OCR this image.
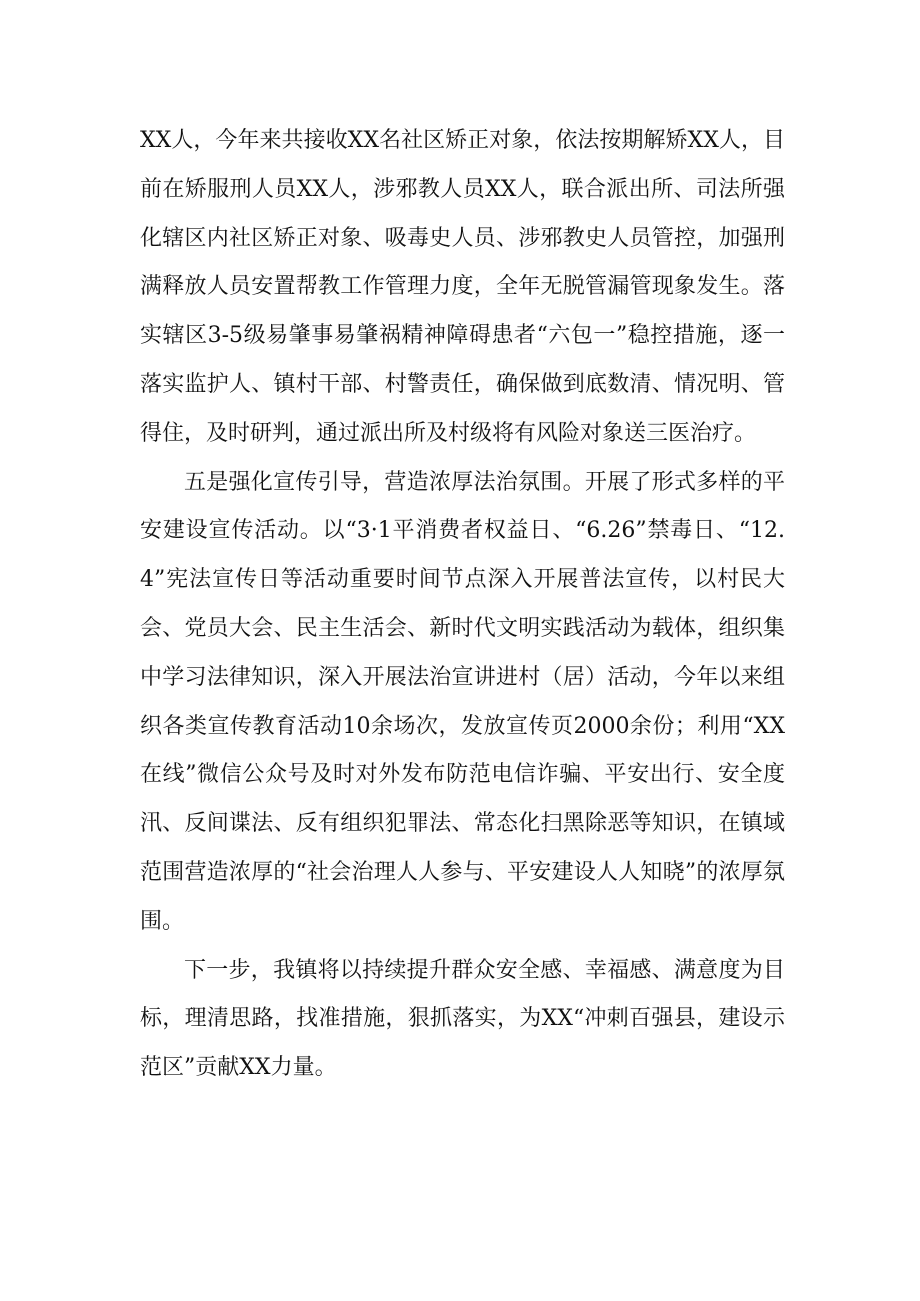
XX人，今年来共接收XX名社区矫正对象，依法按期解矫XX人，目前在矫服刑人员XX人，涉邪教人员XX人，联合派出所、司法所强化辖区内社区矫正对象、吸毒史人员、涉邪教史人员管控，加强刑满释放人员安置帮教工作管理力度，全年无脱管漏管现象发生。落实辖区3-5级易肇事易肇祸精神障碍患者“六包一”稳控措施，逐一落实监护人、镇村干部、村警责任，确保做到底数清、情况明、管得住，及时研判，通过派出所及村级将有风险对象送三医治疗。

五是强化宣传引导，营造浓厚法治氛围。开展了形式多样的平安建设宣传活动。以“3·1平消费者权益日、“6.26”禁毒日、“12.4”宪法宣传日等活动重要时间节点深入开展普法宣传，以村民大会、党员大会、民主生活会、新时代文明实践活动为载体，组织集中学习法律知识，深入开展法治宣讲进村（居）活动，今年以来组织各类宣传教育活动10余场次，发放宣传页2000余份；利用“XX在线”微信公众号及时对外发布防范电信诈骗、平安出行、安全度汛、反间谍法、反有组织犯罪法、常态化扫黑除恶等知识，在镇域范围营造浓厚的“社会治理人人参与、平安建设人人知晓”的浓厚氛围。

下一步，我镇将以持续提升群众安全感、幸福感、满意度为目标，理清思路，找准措施，狠抓落实，为XX“冲刺百强县，建设示范区”贡献XX力量。
